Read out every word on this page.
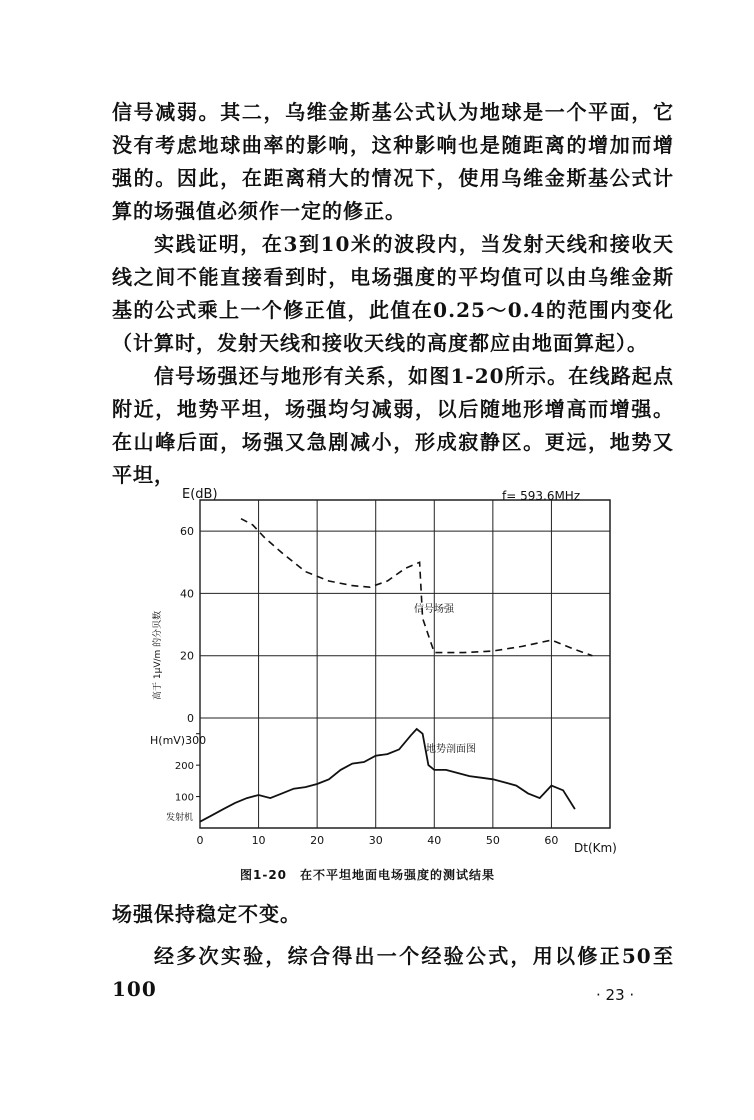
信号减弱。其二，乌维金斯基公式认为地球是一个平面，它没有考虑地球曲率的影响，这种影响也是随距离的增加而增强的。因此，在距离稍大的情况下，使用乌维金斯基公式计算的场强值必须作一定的修正。

实践证明，在3到10米的波段内，当发射天线和接收天线之间不能直接看到时，电场强度的平均值可以由乌维金斯基的公式乘上一个修正值，此值在0.25～0.4的范围内变化（计算时，发射天线和接收天线的高度都应由地面算起）。

信号场强还与地形有关系，如图1-20所示。在线路起点附近，地势平坦，场强均匀减弱，以后随地形增高而增强。在山峰后面，场强又急剧减小，形成寂静区。更远，地势又平坦，

0	10	20	30	40	50	60
0
20
40
60
100
200
E(dB)	f= 593.6MHz
高于 1μV/m 的分贝数
H(mV)300
信号场强
地势剖面图
发射机
Dt(Km)
图1-20　在不平坦地面电场强度的测试结果

场强保持稳定不变。

经多次实验，综合得出一个经验公式，用以修正50至100	· 23 ·
